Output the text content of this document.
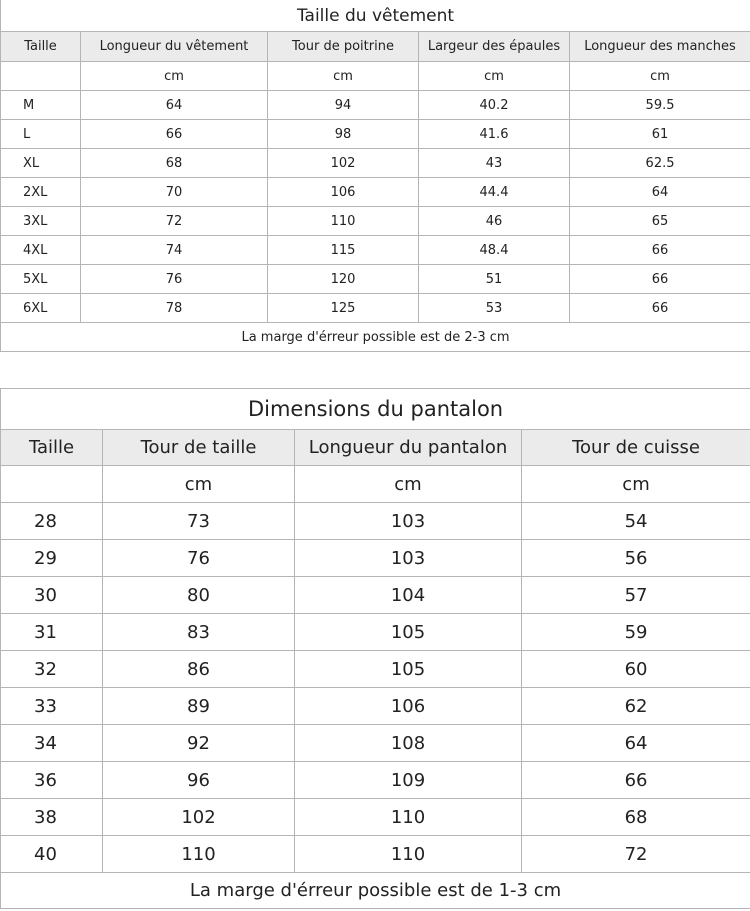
Taille du vêtement				
Taille	Longueur du vêtement	Tour de poitrine	Largeur des épaules	Longueur des manches
	cm	cm	cm	cm
M	64	94	40.2	59.5
L	66	98	41.6	61
XL	68	102	43	62.5
2XL	70	106	44.4	64
3XL	72	110	46	65
4XL	74	115	48.4	66
5XL	76	120	51	66
6XL	78	125	53	66
La marge d'érreur possible est de 2-3 cm				
Dimensions du pantalon			
Taille	Tour de taille	Longueur du pantalon	Tour de cuisse
	cm	cm	cm
28	73	103	54
29	76	103	56
30	80	104	57
31	83	105	59
32	86	105	60
33	89	106	62
34	92	108	64
36	96	109	66
38	102	110	68
40	110	110	72
La marge d'érreur possible est de 1-3 cm			
